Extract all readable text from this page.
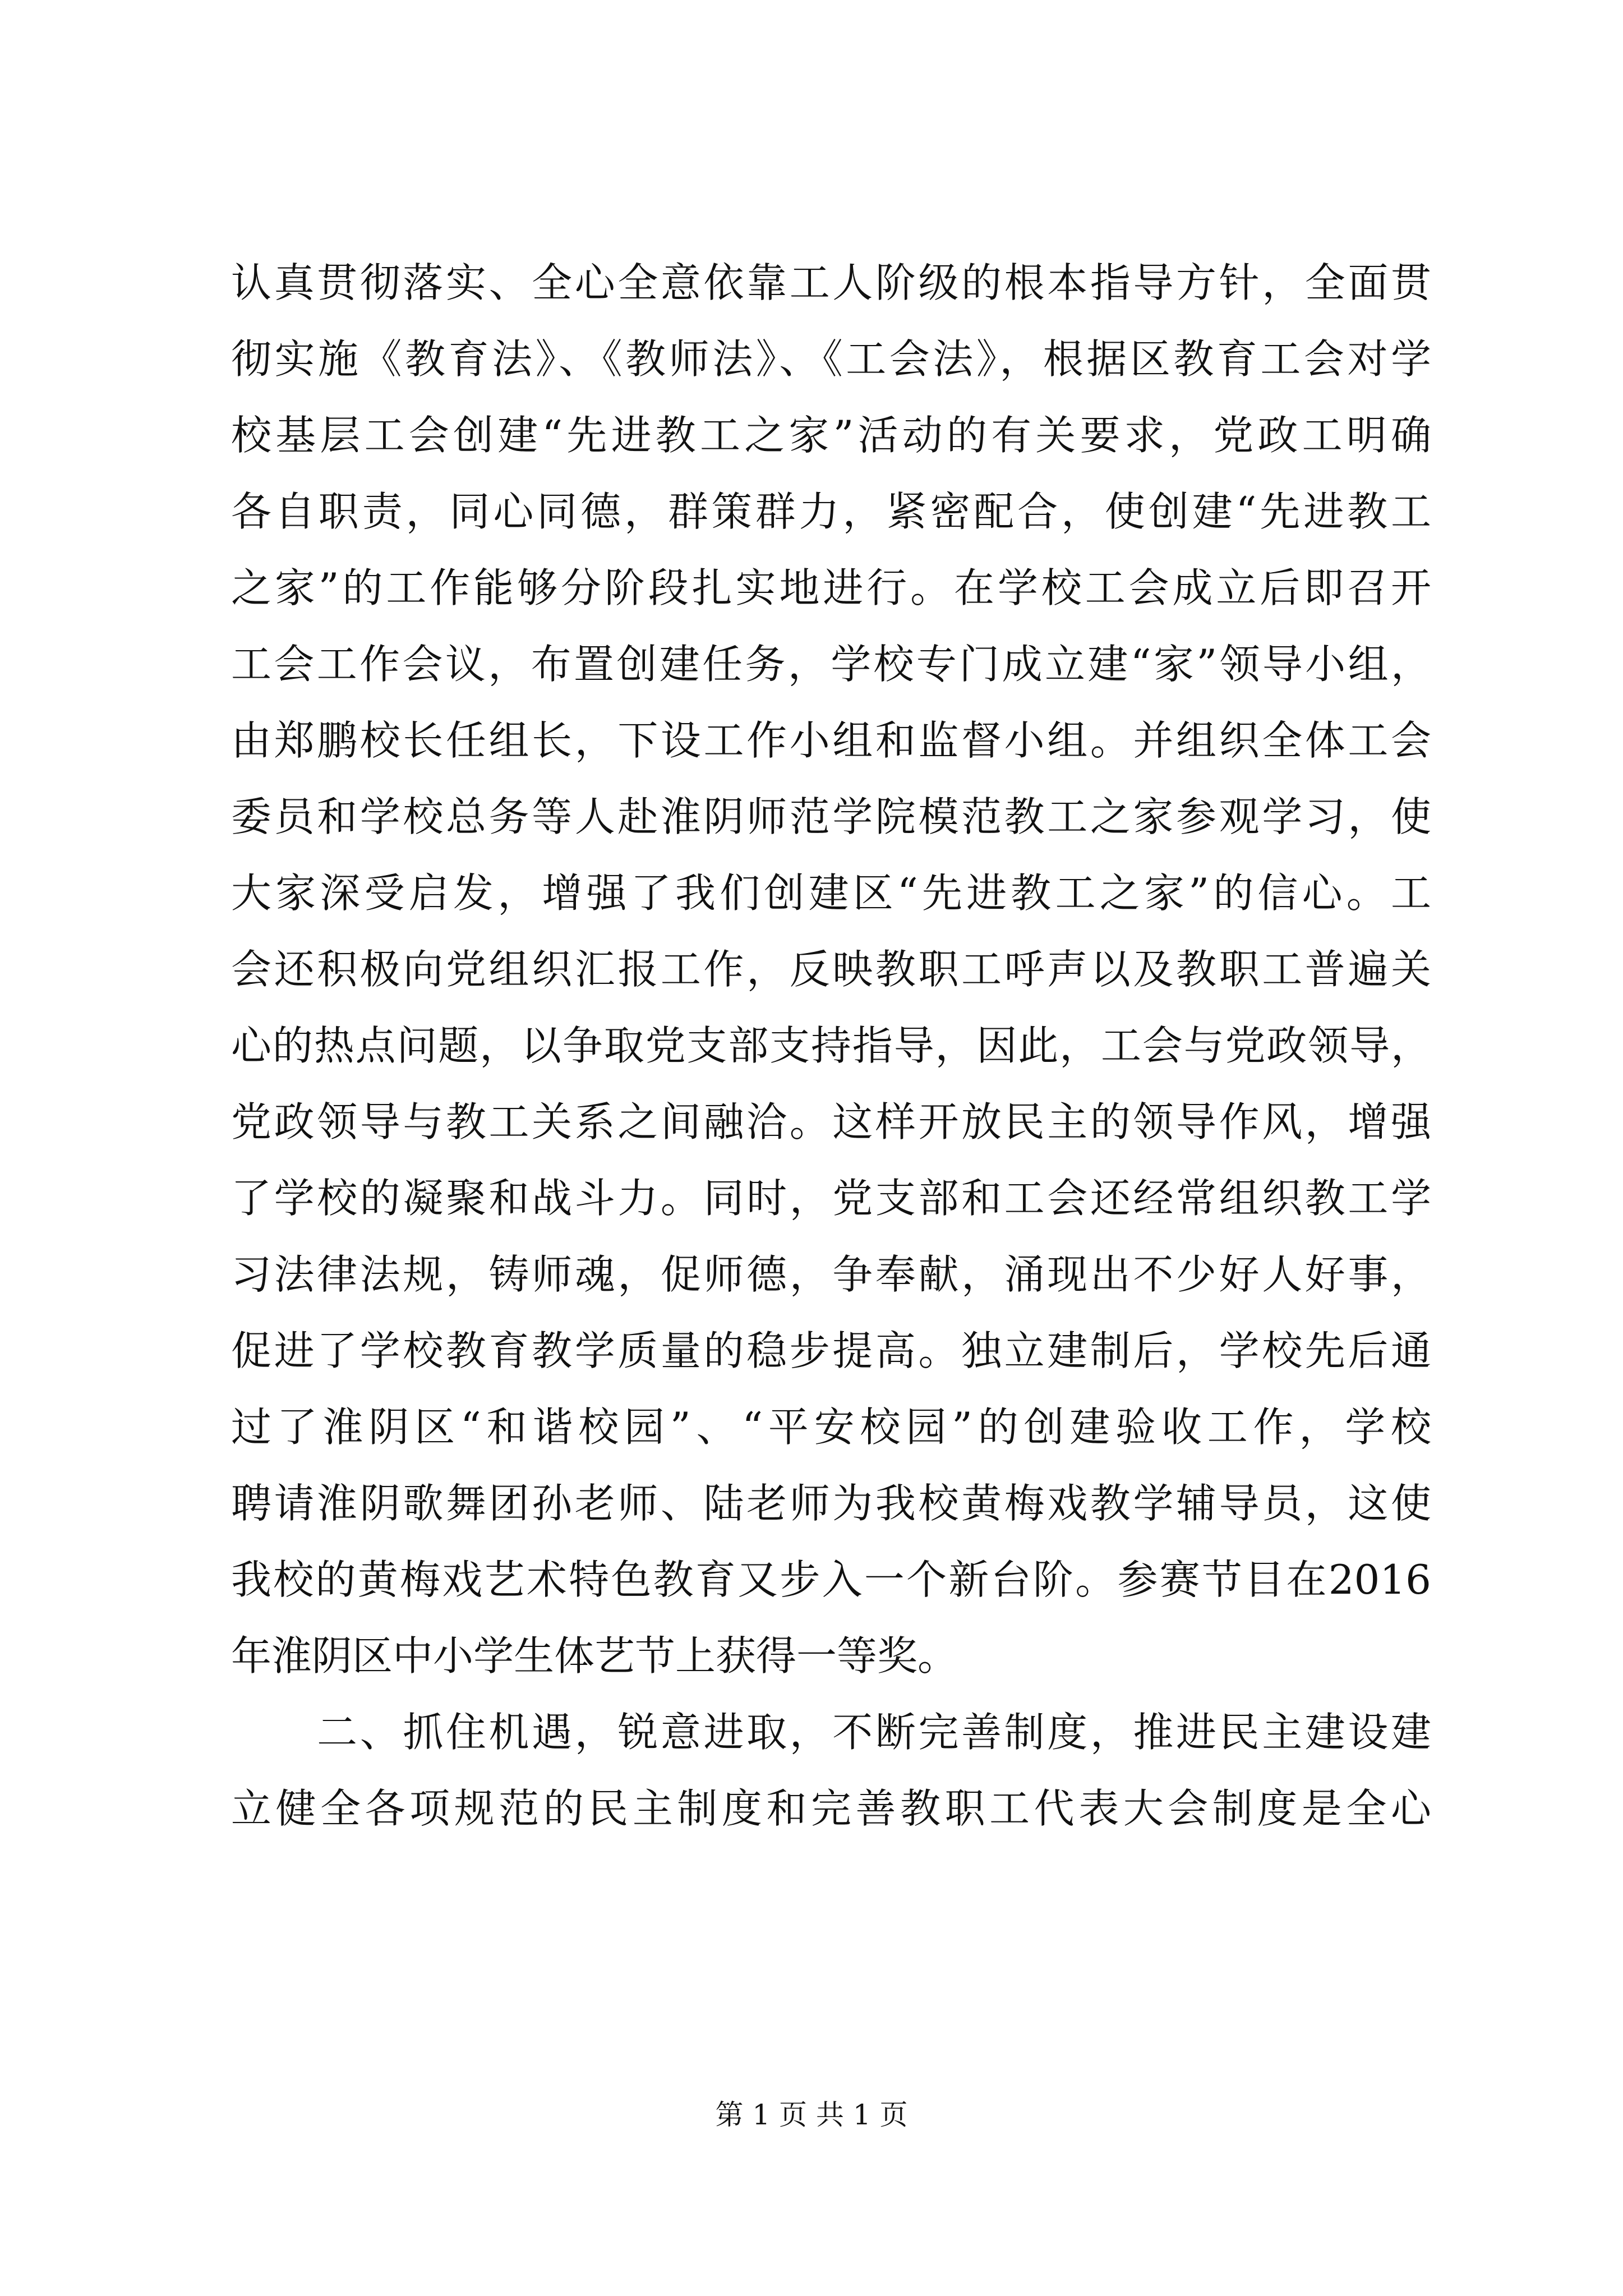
认真贯彻落实、全心全意依靠工人阶级的根本指导方针，全面贯
彻实施《教育法》、《教师法》、《工会法》，根据区教育工会对学
校基层工会创建“先进教工之家”活动的有关要求，党政工明确
各自职责，同心同德，群策群力，紧密配合，使创建“先进教工
之家”的工作能够分阶段扎实地进行。在学校工会成立后即召开
工会工作会议，布置创建任务，学校专门成立建“家”领导小组，
由郑鹏校长任组长，下设工作小组和监督小组。并组织全体工会
委员和学校总务等人赴淮阴师范学院模范教工之家参观学习，使
大家深受启发，增强了我们创建区“先进教工之家”的信心。工
会还积极向党组织汇报工作，反映教职工呼声以及教职工普遍关
心的热点问题，以争取党支部支持指导，因此，工会与党政领导，
党政领导与教工关系之间融洽。这样开放民主的领导作风，增强
了学校的凝聚和战斗力。同时，党支部和工会还经常组织教工学
习法律法规，铸师魂，促师德，争奉献，涌现出不少好人好事，
促进了学校教育教学质量的稳步提高。独立建制后，学校先后通
过了淮阴区“和谐校园”、“平安校园”的创建验收工作，学校
聘请淮阴歌舞团孙老师、陆老师为我校黄梅戏教学辅导员，这使
我校的黄梅戏艺术特色教育又步入一个新台阶。参赛节目在2016
年淮阴区中小学生体艺节上获得一等奖。
　　二、抓住机遇，锐意进取，不断完善制度，推进民主建设建
立健全各项规范的民主制度和完善教职工代表大会制度是全心
第 1 页 共 1 页
